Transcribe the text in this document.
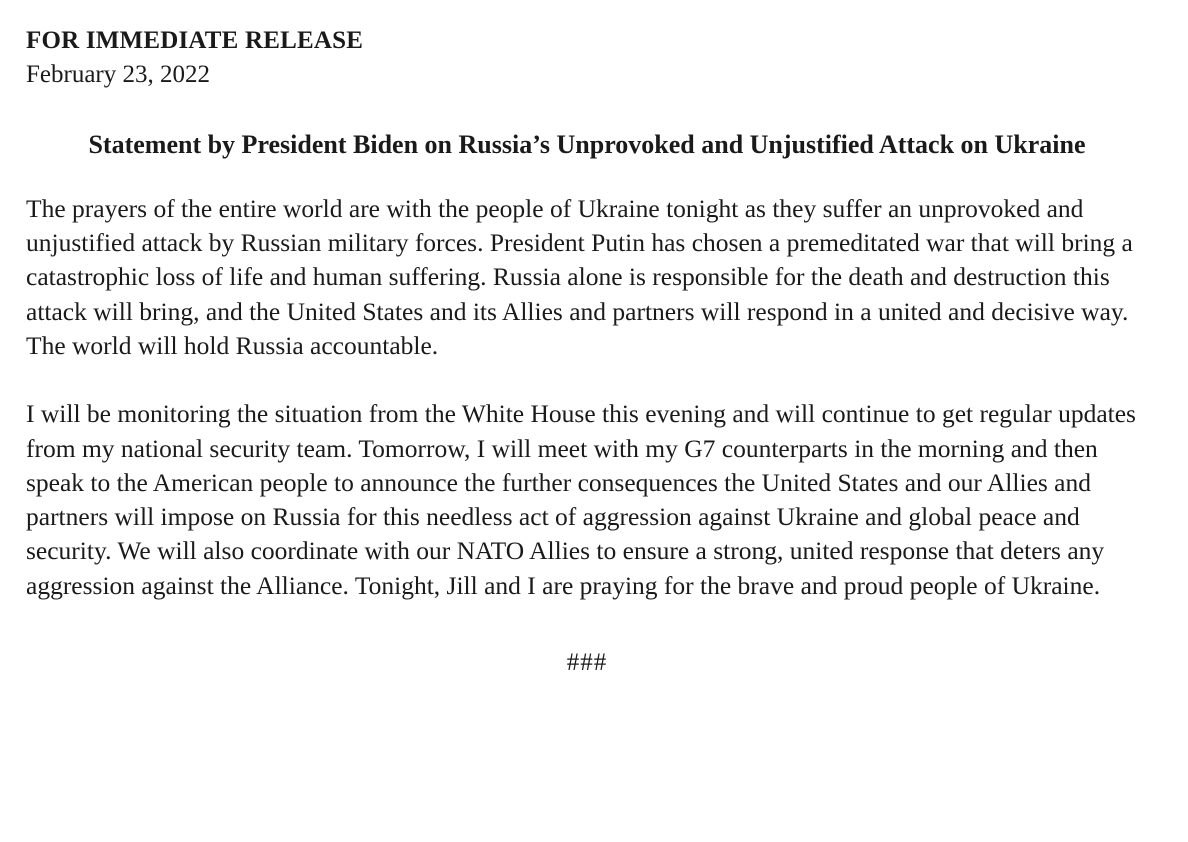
FOR IMMEDIATE RELEASE

February 23, 2022

Statement by President Biden on Russia’s Unprovoked and Unjustified Attack on Ukraine

The prayers of the entire world are with the people of Ukraine tonight as they suffer an unprovoked and unjustified attack by Russian military forces. President Putin has chosen a premeditated war that will bring a catastrophic loss of life and human suffering. Russia alone is responsible for the death and destruction this attack will bring, and the United States and its Allies and partners will respond in a united and decisive way. The world will hold Russia accountable.

I will be monitoring the situation from the White House this evening and will continue to get regular updates from my national security team. Tomorrow, I will meet with my G7 counterparts in the morning and then speak to the American people to announce the further consequences the United States and our Allies and partners will impose on Russia for this needless act of aggression against Ukraine and global peace and security. We will also coordinate with our NATO Allies to ensure a strong, united response that deters any aggression against the Alliance. Tonight, Jill and I are praying for the brave and proud people of Ukraine.

###
